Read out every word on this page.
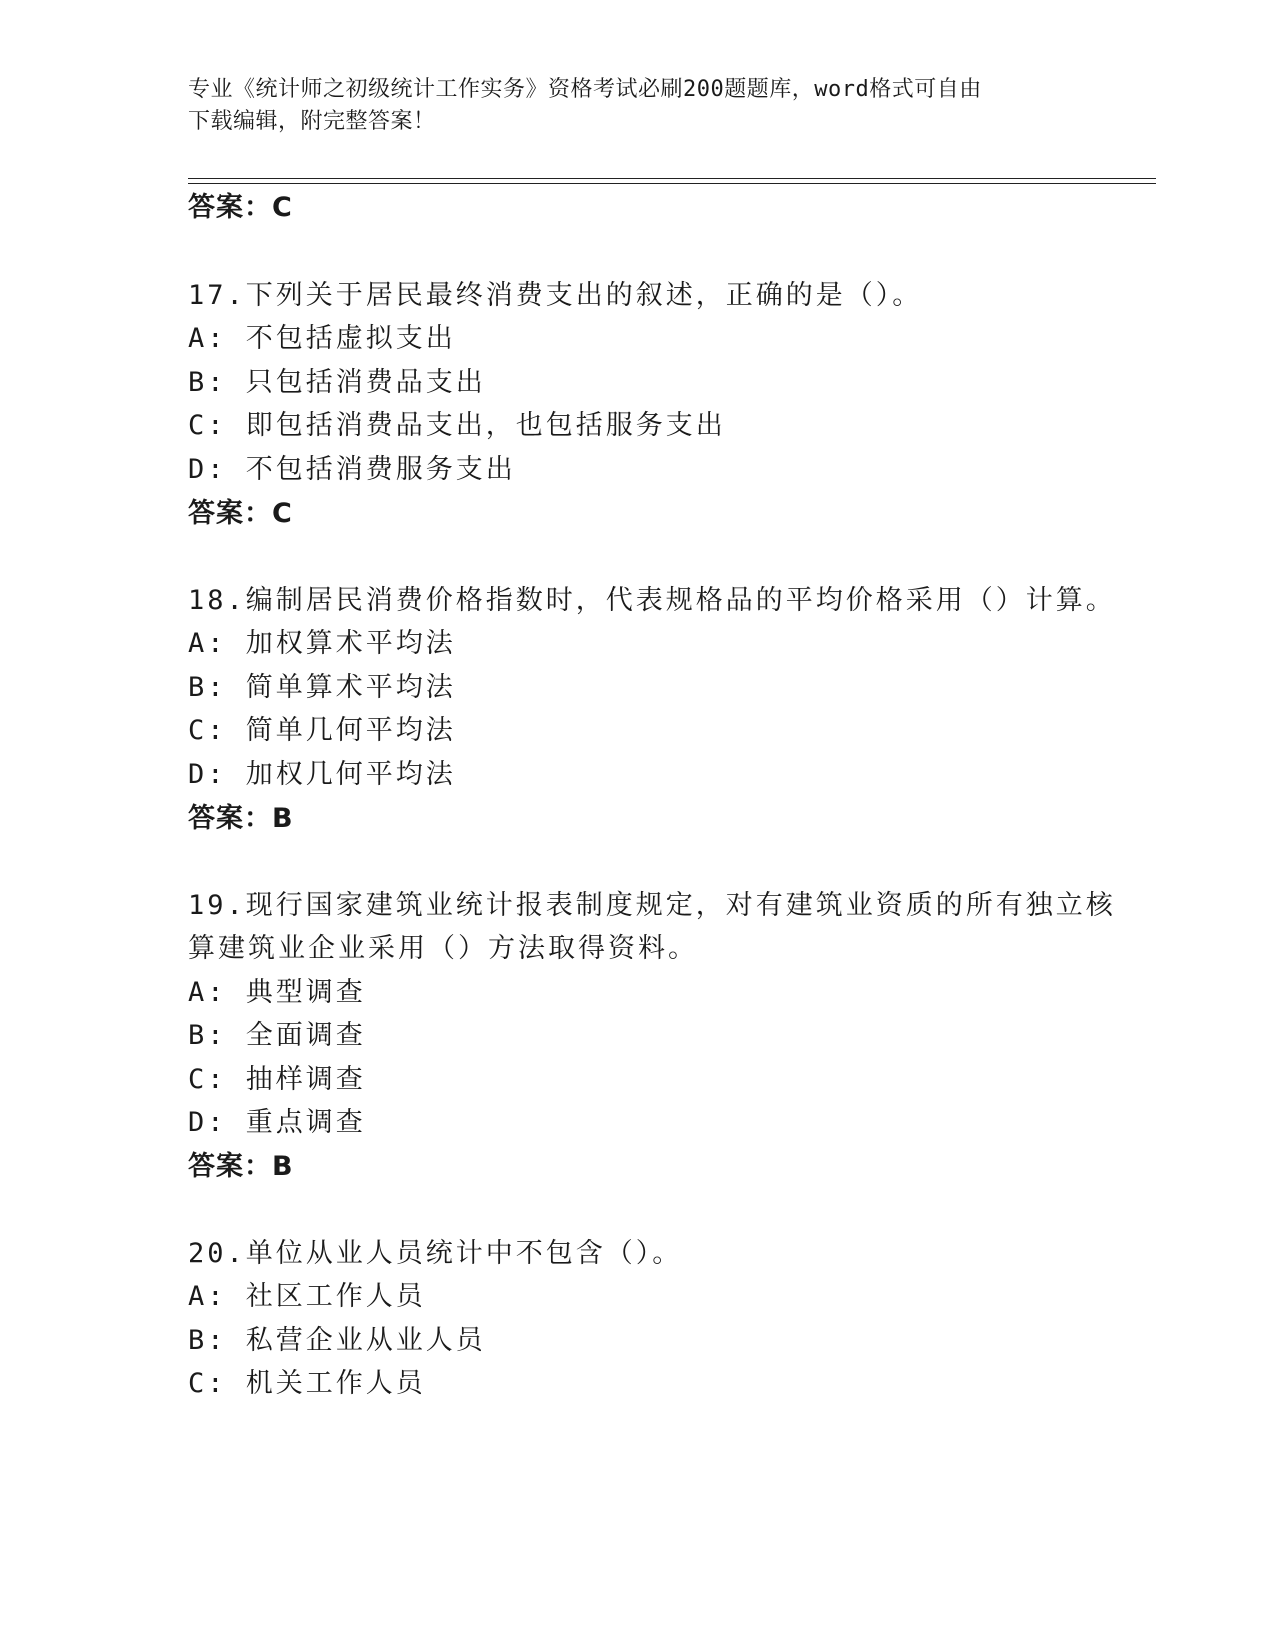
专业《统计师之初级统计工作实务》资格考试必刷200题题库，word格式可自由
下载编辑，附完整答案！

答案：C

17.下列关于居民最终消费支出的叙述，正确的是（）。

A: 不包括虚拟支出

B: 只包括消费品支出

C: 即包括消费品支出，也包括服务支出

D: 不包括消费服务支出

答案：C

18.编制居民消费价格指数时，代表规格品的平均价格采用（）计算。

A: 加权算术平均法

B: 简单算术平均法

C: 简单几何平均法

D: 加权几何平均法

答案：B

19.现行国家建筑业统计报表制度规定，对有建筑业资质的所有独立核

算建筑业企业采用（）方法取得资料。

A: 典型调查

B: 全面调查

C: 抽样调查

D: 重点调查

答案：B

20.单位从业人员统计中不包含（）。

A: 社区工作人员

B: 私营企业从业人员

C: 机关工作人员
